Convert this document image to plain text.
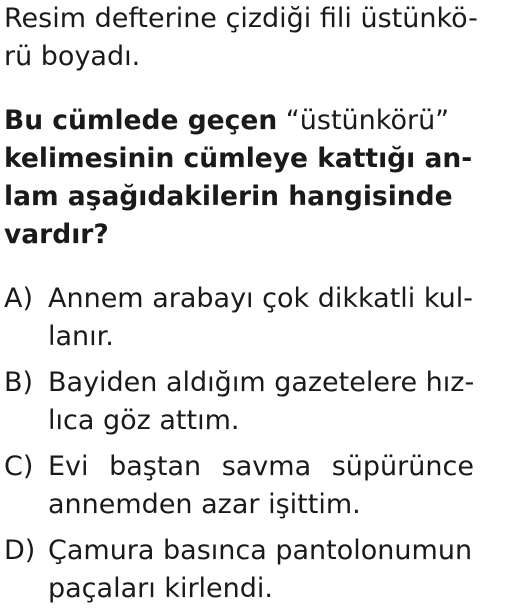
Resim defterine çizdiği fili üstünkö-
rü boyadı.
Bu cümlede geçen “üstünkörü”
kelimesinin cümleye kattığı an-
lam aşağıdakilerin hangisinde
vardır?
A) Annem arabayı çok dikkatli kul-
lanır.
B) Bayiden aldığım gazetelere hız-
lıca göz attım.
C) Evi baştan savma süpürünce
annemden azar işittim.
D) Çamura basınca pantolonumun
paçaları kirlendi.
